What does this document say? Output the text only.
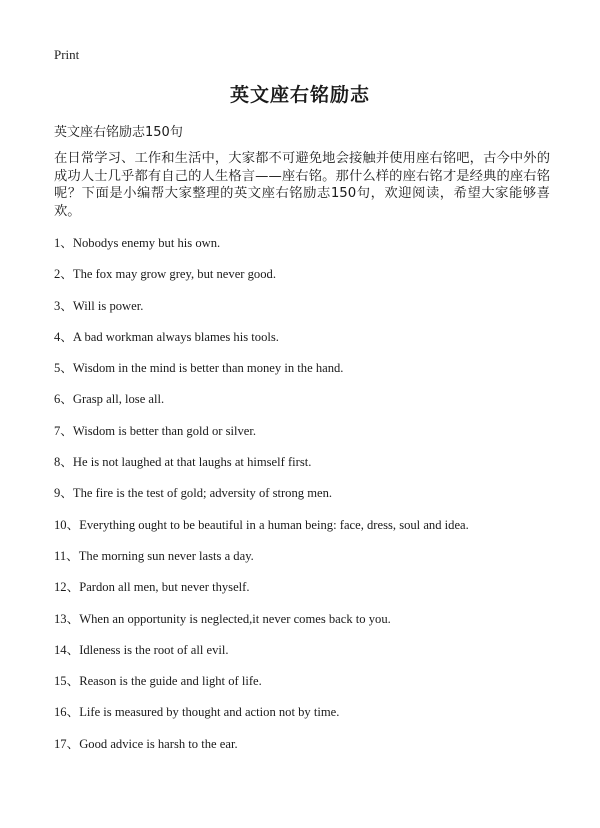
Print
英文座右铭励志
英文座右铭励志150句

在日常学习、工作和生活中，大家都不可避免地会接触并使用座右铭吧，古今中外的成功人士几乎都有自己的人生格言——座右铭。那什么样的座右铭才是经典的座右铭呢？下面是小编帮大家整理的英文座右铭励志150句，欢迎阅读，希望大家能够喜欢。

1、Nobodys enemy but his own.
2、The fox may grow grey, but never good.
3、Will is power.
4、A bad workman always blames his tools.
5、Wisdom in the mind is better than money in the hand.
6、Grasp all, lose all.
7、Wisdom is better than gold or silver.
8、He is not laughed at that laughs at himself first.
9、The fire is the test of gold; adversity of strong men.
10、Everything ought to be beautiful in a human being: face, dress, soul and idea.
11、The morning sun never lasts a day.
12、Pardon all men, but never thyself.
13、When an opportunity is neglected,it never comes back to you.
14、Idleness is the root of all evil.
15、Reason is the guide and light of life.
16、Life is measured by thought and action not by time.
17、Good advice is harsh to the ear.
